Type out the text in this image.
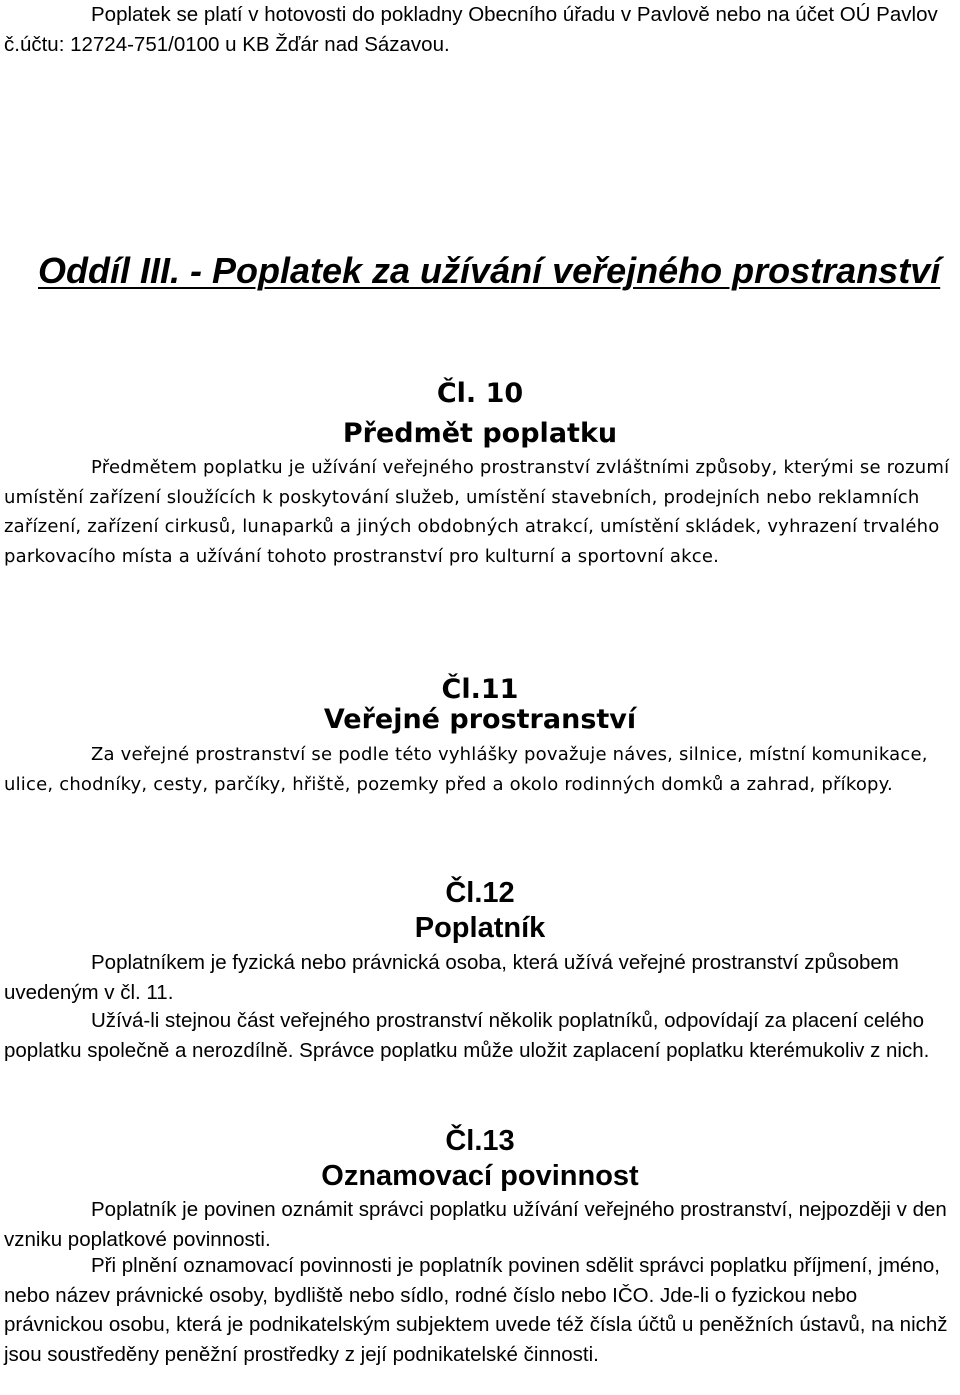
Poplatek se platí v hotovosti do pokladny Obecního úřadu v Pavlově nebo na účet OÚ Pavlov č.účtu: 12724-751/0100 u KB Žďár nad Sázavou.

Oddíl III. - Poplatek za užívání veřejného prostranství
Čl. 10
Předmět poplatku

Předmětem poplatku je užívání veřejného prostranství zvláštními způsoby, kterými se rozumí umístění zařízení sloužících k poskytování služeb, umístění stavebních, prodejních nebo reklamních zařízení, zařízení cirkusů, lunaparků a jiných obdobných atrakcí, umístění skládek, vyhrazení trvalého parkovacího místa a užívání tohoto prostranství pro kulturní a sportovní akce.

Čl.11
Veřejné prostranství

Za veřejné prostranství se podle této vyhlášky považuje náves, silnice, místní komunikace, ulice, chodníky, cesty, parčíky, hřiště, pozemky před a okolo rodinných domků a zahrad, příkopy.

Čl.12
Poplatník

Poplatníkem je fyzická nebo právnická osoba, která užívá veřejné prostranství způsobem uvedeným v čl. 11.

Užívá-li stejnou část veřejného prostranství několik poplatníků, odpovídají za placení celého poplatku společně a nerozdílně. Správce poplatku může uložit zaplacení poplatku kterémukoliv z nich.

Čl.13
Oznamovací povinnost

Poplatník je povinen oznámit správci poplatku užívání veřejného prostranství, nejpozději v den vzniku poplatkové povinnosti.

Při plnění oznamovací povinnosti je poplatník povinen sdělit správci poplatku příjmení, jméno, nebo název právnické osoby, bydliště nebo sídlo, rodné číslo nebo IČO. Jde-li o fyzickou nebo právnickou osobu, která je podnikatelským subjektem uvede též čísla účtů u peněžních ústavů, na nichž jsou soustředěny peněžní prostředky z její podnikatelské činnosti.
